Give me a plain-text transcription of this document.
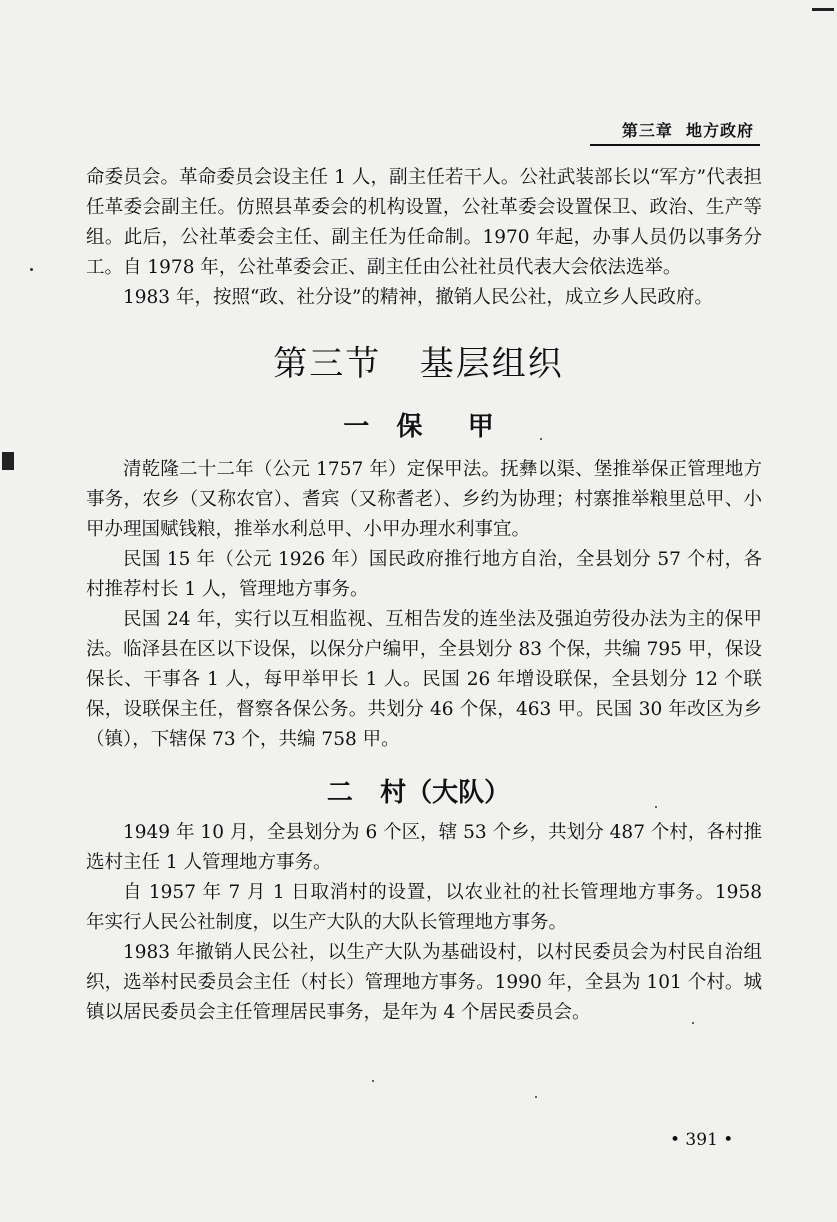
第三章  地方政府

命委员会。革命委员会设主任 1 人，副主任若干人。公社武装部长以“军方”代表担任革委会副主任。仿照县革委会的机构设置，公社革委会设置保卫、政治、生产等组。此后，公社革委会主任、副主任为任命制。1970 年起，办事人员仍以事务分工。自 1978 年，公社革委会正、副主任由公社社员代表大会依法选举。

1983 年，按照“政、社分设”的精神，撤销人民公社，成立乡人民政府。

第三节   基层组织
一   保     甲

清乾隆二十二年（公元 1757 年）定保甲法。抚彝以渠、堡推举保正管理地方事务，农乡（又称农官）、耆宾（又称耆老）、乡约为协理；村寨推举粮里总甲、小甲办理国赋钱粮，推举水利总甲、小甲办理水利事宜。

民国 15 年（公元 1926 年）国民政府推行地方自治，全县划分 57 个村，各村推荐村长 1 人，管理地方事务。

民国 24 年，实行以互相监视、互相告发的连坐法及强迫劳役办法为主的保甲法。临泽县在区以下设保，以保分户编甲，全县划分 83 个保，共编 795 甲，保设保长、干事各 1 人，每甲举甲长 1 人。民国 26 年增设联保，全县划分 12 个联保，设联保主任，督察各保公务。共划分 46 个保，463 甲。民国 30 年改区为乡（镇），下辖保 73 个，共编 758 甲。

二   村（大队）

1949 年 10 月，全县划分为 6 个区，辖 53 个乡，共划分 487 个村，各村推选村主任 1 人管理地方事务。

自 1957 年 7 月 1 日取消村的设置，以农业社的社长管理地方事务。1958 年实行人民公社制度，以生产大队的大队长管理地方事务。

1983 年撤销人民公社，以生产大队为基础设村，以村民委员会为村民自治组织，选举村民委员会主任（村长）管理地方事务。1990 年，全县为 101 个村。城镇以居民委员会主任管理居民事务，是年为 4 个居民委员会。

• 391 •
